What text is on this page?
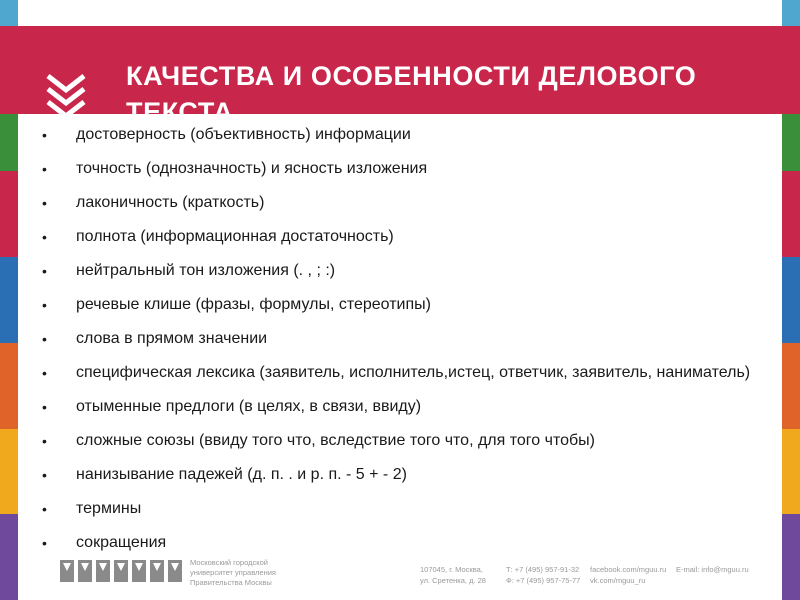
КАЧЕСТВА И ОСОБЕННОСТИ ДЕЛОВОГО
ТЕКСТА
• достоверность (объективность) информации
• точность (однозначность) и ясность изложения
• лаконичность (краткость)
• полнота (информационная достаточность)
• нейтральный тон изложения (. , ; :)
• речевые клише (фразы, формулы, стереотипы)
• слова в прямом значении
• специфическая лексика (заявитель, исполнитель,истец, ответчик, заявитель, наниматель)
• отыменные предлоги (в целях, в связи, ввиду)
• сложные союзы (ввиду того что, вследствие того что, для того чтобы)
• нанизывание падежей (д. п. . и р. п. - 5 + - 2)
• термины
• сокращения
Московский городской
университет управления
Правительства Москвы
107045, г. Москва,
ул. Сретенка, д. 28
Т: +7 (495) 957-91-32
Ф: +7 (495) 957-75-77
facebook.com/mguu.ru
vk.com/mguu_ru
E-mail: info@mguu.ru
